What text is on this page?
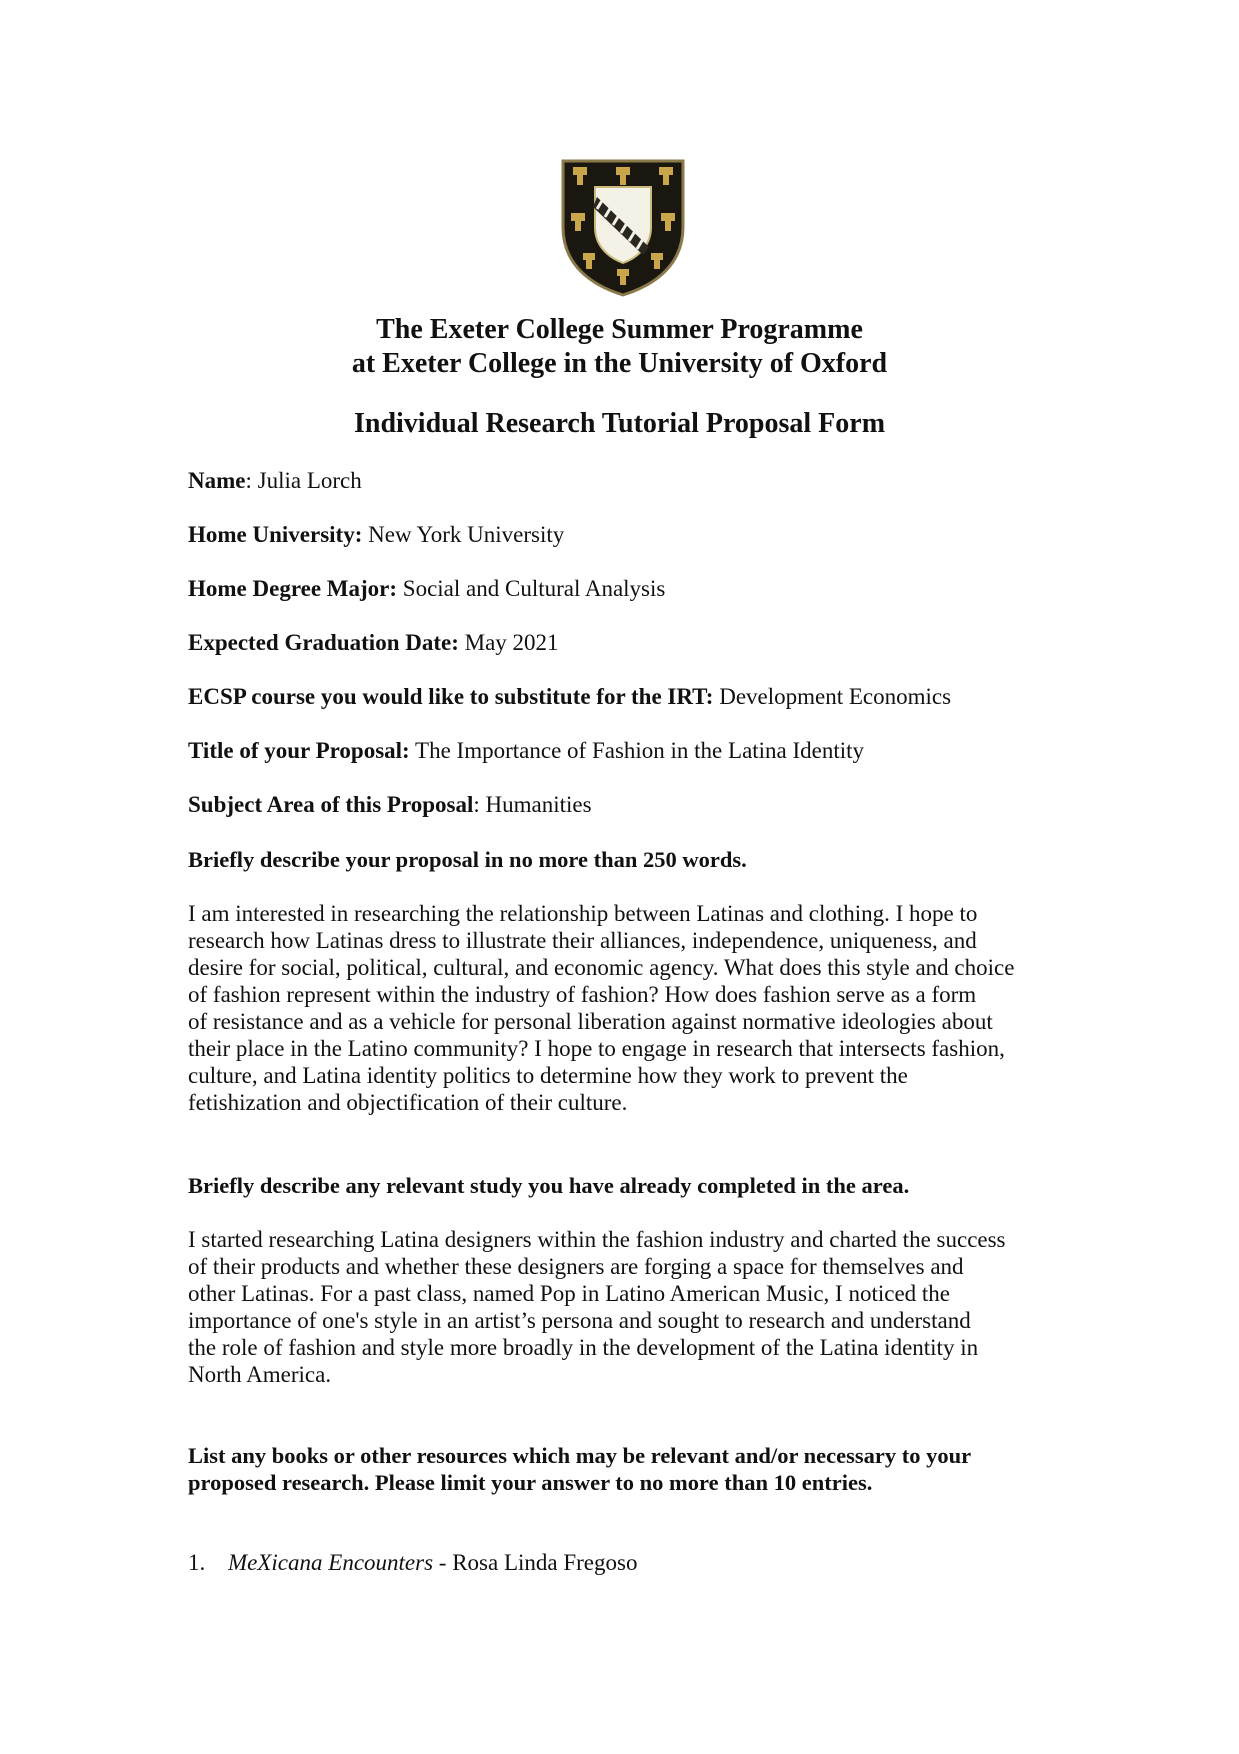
The Exeter College Summer Programme
at Exeter College in the University of Oxford
Individual Research Tutorial Proposal Form
Name: Julia Lorch
Home University: New York University
Home Degree Major: Social and Cultural Analysis
Expected Graduation Date: May 2021
ECSP course you would like to substitute for the IRT: Development Economics
Title of your Proposal: The Importance of Fashion in the Latina Identity
Subject Area of this Proposal: Humanities
Briefly describe your proposal in no more than 250 words.
I am interested in researching the relationship between Latinas and clothing. I hope to
research how Latinas dress to illustrate their alliances, independence, uniqueness, and
desire for social, political, cultural, and economic agency. What does this style and choice
of fashion represent within the industry of fashion? How does fashion serve as a form
of resistance and as a vehicle for personal liberation against normative ideologies about
their place in the Latino community? I hope to engage in research that intersects fashion,
culture, and Latina identity politics to determine how they work to prevent the
fetishization and objectification of their culture.
Briefly describe any relevant study you have already completed in the area.
I started researching Latina designers within the fashion industry and charted the success
of their products and whether these designers are forging a space for themselves and
other Latinas. For a past class, named Pop in Latino American Music, I noticed the
importance of one's style in an artist’s persona and sought to research and understand
the role of fashion and style more broadly in the development of the Latina identity in
North America.
List any books or other resources which may be relevant and/or necessary to your
proposed research. Please limit your answer to no more than 10 entries.
1. MeXicana Encounters - Rosa Linda Fregoso
